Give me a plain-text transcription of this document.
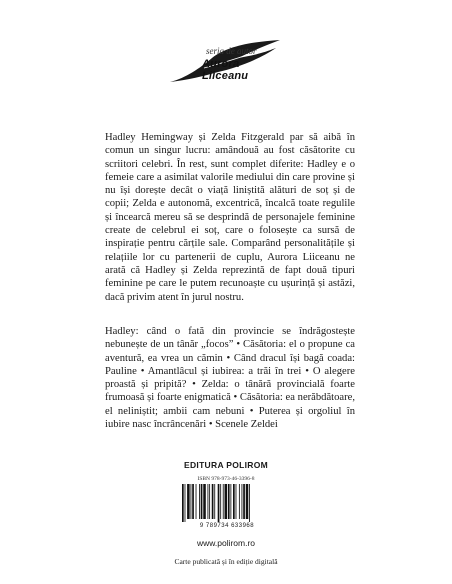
seria de autor
Aurora Liiceanu

Hadley Hemingway și Zelda Fitzgerald par să aibă în comun un singur lucru: amândouă au fost căsătorite cu scriitori celebri. În rest, sunt complet diferite: Hadley e o femeie care a asimilat valorile mediului din care provine și nu își dorește decât o viață liniștită alături de soț și de copii; Zelda e autonomă, excentrică, încalcă toate regulile și încearcă mereu să se desprindă de personajele feminine create de celebrul ei soț, care o folosește ca sursă de inspirație pentru cărțile sale. Comparând personalitățile și relațiile lor cu partenerii de cuplu, Aurora Liiceanu ne arată că Hadley și Zelda reprezintă de fapt două tipuri feminine pe care le putem recunoaște cu ușurință și astăzi, dacă privim atent în jurul nostru.

Hadley: când o fată din provincie se îndrăgostește nebunește de un tânăr „focos” • Căsătoria: el o propune ca aventură, ea vrea un cămin • Când dracul își bagă coada: Pauline • Amantlâcul și iubirea: a trăi în trei • O alegere proastă și pripită? • Zelda: o tânără provincială foarte frumoasă și foarte enigmatică • Căsătoria: ea nerăbdătoare, el neliniștit; ambii cam nebuni • Puterea și orgoliul în iubire nasc încrâncenări • Scenele Zeldei

EDITURA POLIROM
ISBN 978-973-46-3396-8
9 789734 633968
www.polirom.ro
Carte publicată și în ediție digitală
